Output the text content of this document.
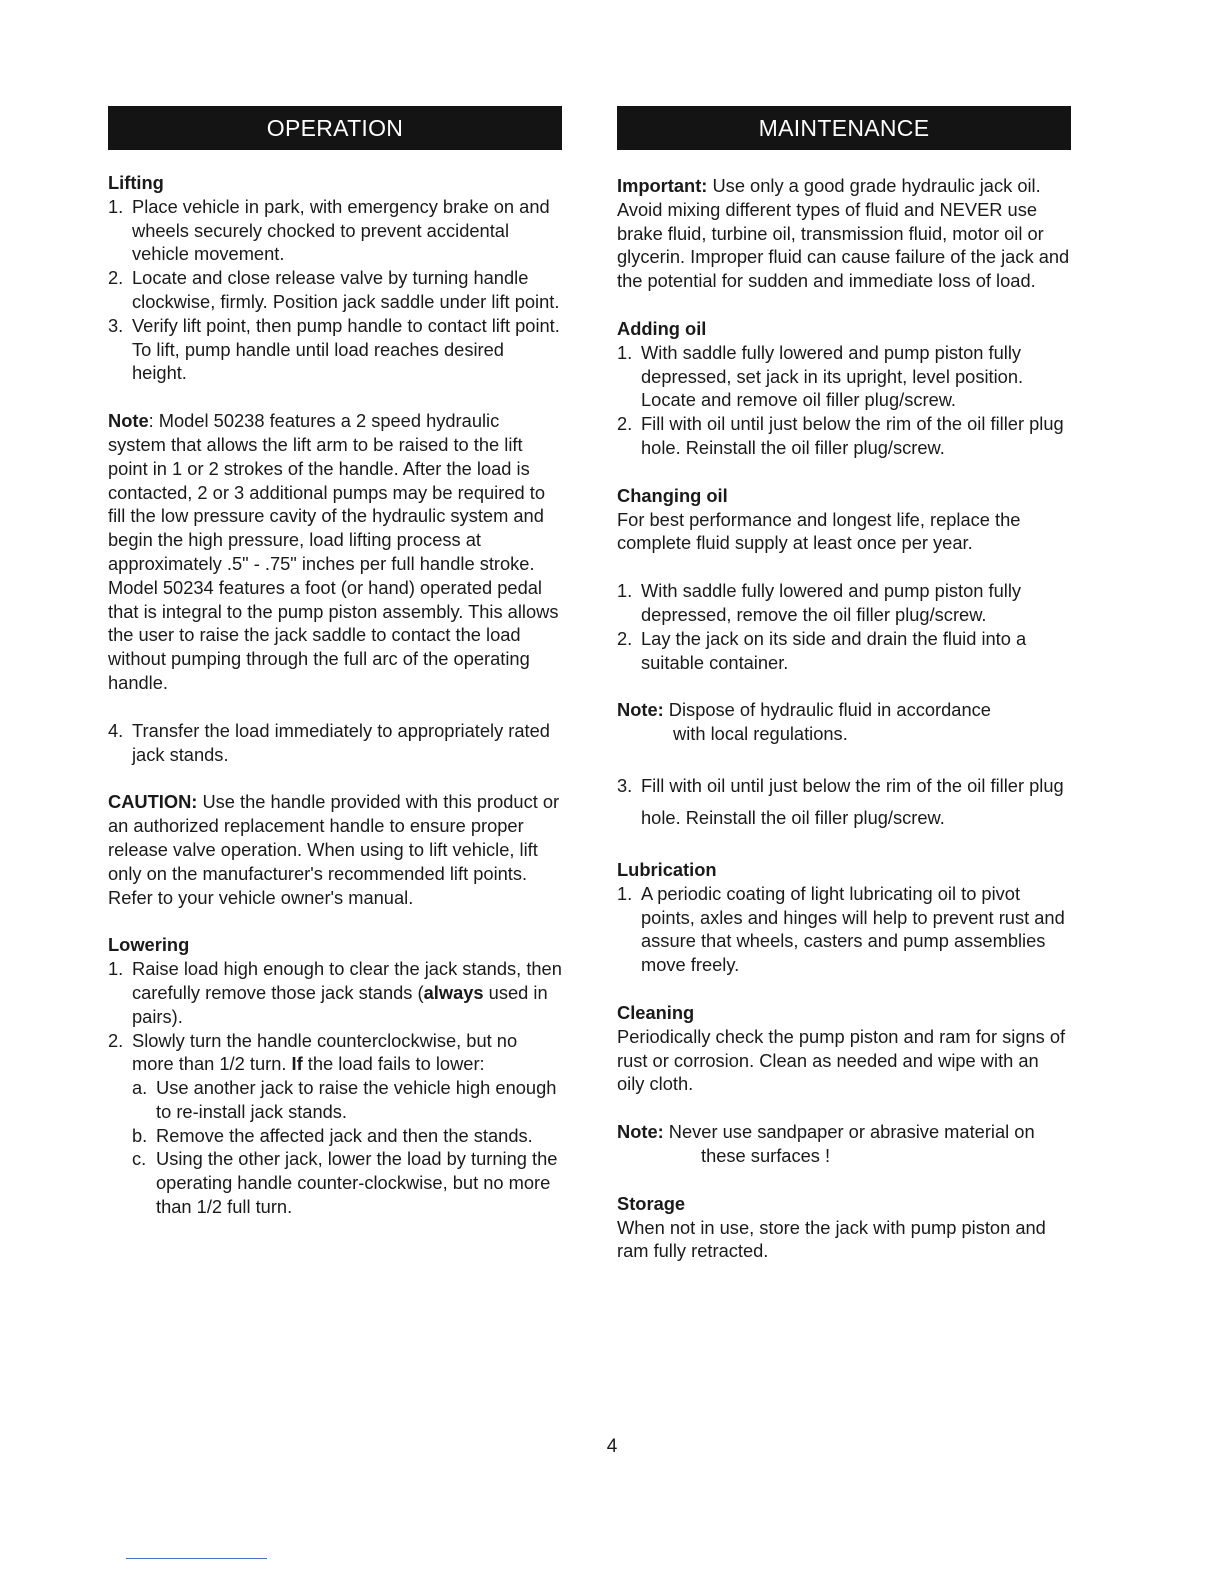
OPERATION

Lifting

1. Place vehicle in park, with emergency brake on and wheels securely chocked to prevent accidental vehicle movement.

2. Locate and close release valve by turning handle clockwise, firmly. Position jack saddle under lift point.

3. Verify lift point, then pump handle to contact lift point. To lift, pump handle until load reaches desired height.

Note: Model 50238 features a 2 speed hydraulic system that allows the lift arm to be raised to the lift point in 1 or 2 strokes of the handle. After the load is contacted, 2 or 3 additional pumps may be required to fill the low pressure cavity of the hydraulic system and begin the high pressure, load lifting process at approximately .5" - .75" inches per full handle stroke. Model 50234 features a foot (or hand) operated pedal that is integral to the pump piston assembly. This allows the user to raise the jack saddle to contact the load without pumping through the full arc of the operating handle.

4. Transfer the load immediately to appropriately rated jack stands.

CAUTION: Use the handle provided with this product or an authorized replacement handle to ensure proper release valve operation. When using to lift vehicle, lift only on the manufacturer's recommended lift points. Refer to your vehicle owner's manual.

Lowering

1. Raise load high enough to clear the jack stands, then carefully remove those jack stands (always used in pairs).

2. Slowly turn the handle counterclockwise, but no more than 1/2 turn. If the load fails to lower:

a. Use another jack to raise the vehicle high enough to re-install jack stands.

b. Remove the affected jack and then the stands.

c. Using the other jack, lower the load by turning the operating handle counter-clockwise, but no more than 1/2 full turn.

MAINTENANCE

Important: Use only a good grade hydraulic jack oil. Avoid mixing different types of fluid and NEVER use brake fluid, turbine oil, transmission fluid, motor oil or glycerin. Improper fluid can cause failure of the jack and the potential for sudden and immediate loss of load.

Adding oil

1. With saddle fully lowered and pump piston fully depressed, set jack in its upright, level position. Locate and remove oil filler plug/screw.

2. Fill with oil until just below the rim of the oil filler plug hole. Reinstall the oil filler plug/screw.

Changing oil

For best performance and longest life, replace the complete fluid supply at least once per year.

1. With saddle fully lowered and pump piston fully depressed, remove the oil filler plug/screw.

2. Lay the jack on its side and drain the fluid into a suitable container.

Note: Dispose of hydraulic fluid in accordance

with local regulations.

3. Fill with oil until just below the rim of the oil filler plug hole. Reinstall the oil filler plug/screw.

Lubrication

1. A periodic coating of light lubricating oil to pivot points, axles and hinges will help to prevent rust and assure that wheels, casters and pump assemblies move freely.

Cleaning

Periodically check the pump piston and ram for signs of rust or corrosion. Clean as needed and wipe with an oily cloth.

Note: Never use sandpaper or abrasive material on

these surfaces !

Storage

When not in use, store the jack with pump piston and ram fully retracted.

4
